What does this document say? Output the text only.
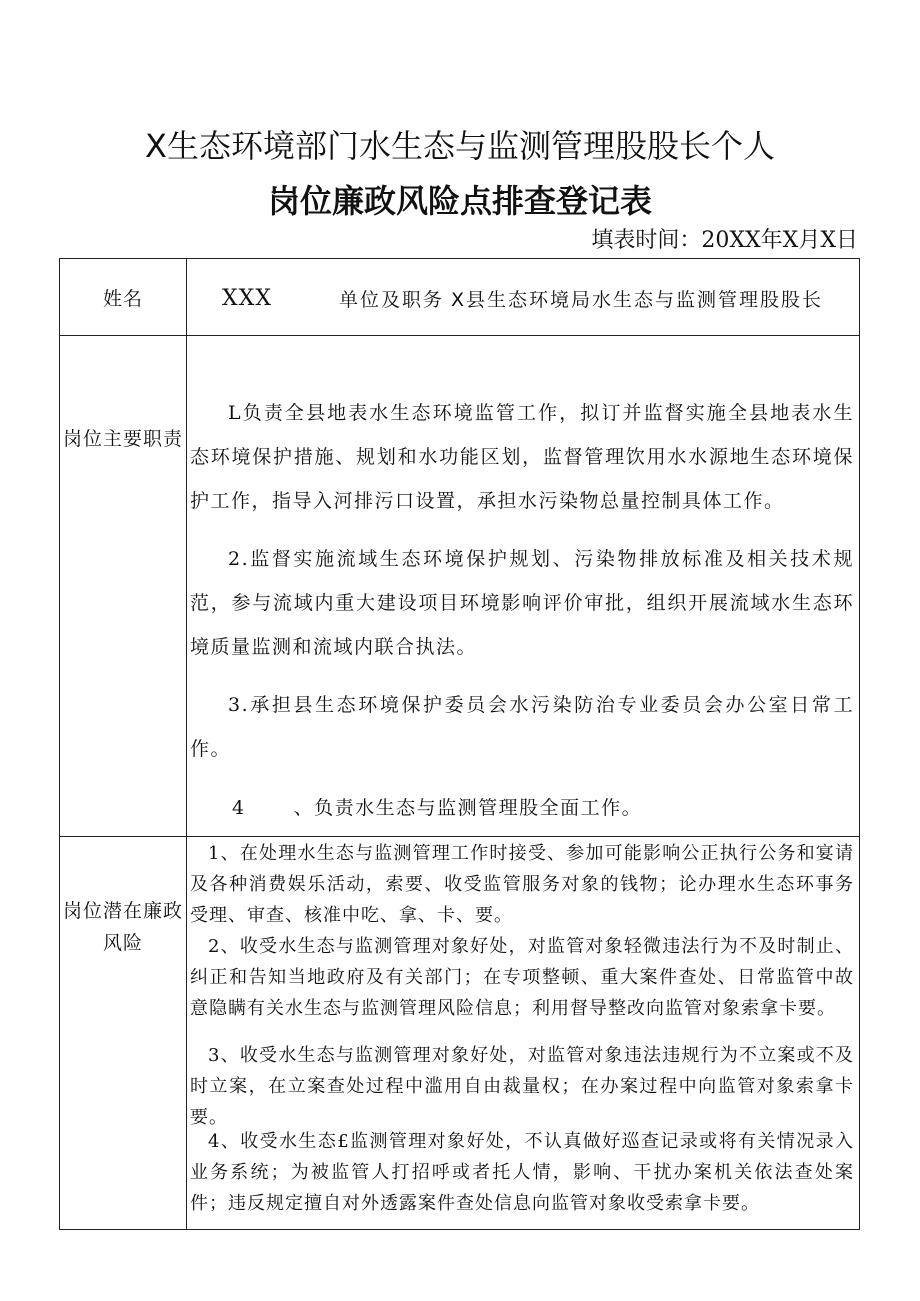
X生态环境部门水生态与监测管理股股长个人
岗位廉政风险点排查登记表
填表时间：20XX年X月X日
姓名	XXX	单位及职务 X县生态环境局水生态与监测管理股股长
岗位主要职责

L负责全县地表水生态环境监管工作，拟订并监督实施全县地表水生态环境保护措施、规划和水功能区划，监督管理饮用水水源地生态环境保护工作，指导入河排污口设置，承担水污染物总量控制具体工作。

2.监督实施流域生态环境保护规划、污染物排放标准及相关技术规范，参与流域内重大建设项目环境影响评价审批，组织开展流域水生态环境质量监测和流域内联合执法。

3.承担县生态环境保护委员会水污染防治专业委员会办公室日常工作。

4	、负责水生态与监测管理股全面工作。
岗位潜在廉政风险

1、在处理水生态与监测管理工作时接受、参加可能影响公正执行公务和宴请及各种消费娱乐活动，索要、收受监管服务对象的钱物；论办理水生态环事务受理、审查、核准中吃、拿、卡、要。

2、收受水生态与监测管理对象好处，对监管对象轻微违法行为不及时制止、纠正和告知当地政府及有关部门；在专项整顿、重大案件查处、日常监管中故意隐瞒有关水生态与监测管理风险信息；利用督导整改向监管对象索拿卡要。

3、收受水生态与监测管理对象好处，对监管对象违法违规行为不立案或不及时立案，在立案查处过程中滥用自由裁量权；在办案过程中向监管对象索拿卡要。

4、收受水生态£监测管理对象好处，不认真做好巡查记录或将有关情况录入业务系统；为被监管人打招呼或者托人情，影响、干扰办案机关依法查处案件；违反规定擅自对外透露案件查处信息向监管对象收受索拿卡要。
